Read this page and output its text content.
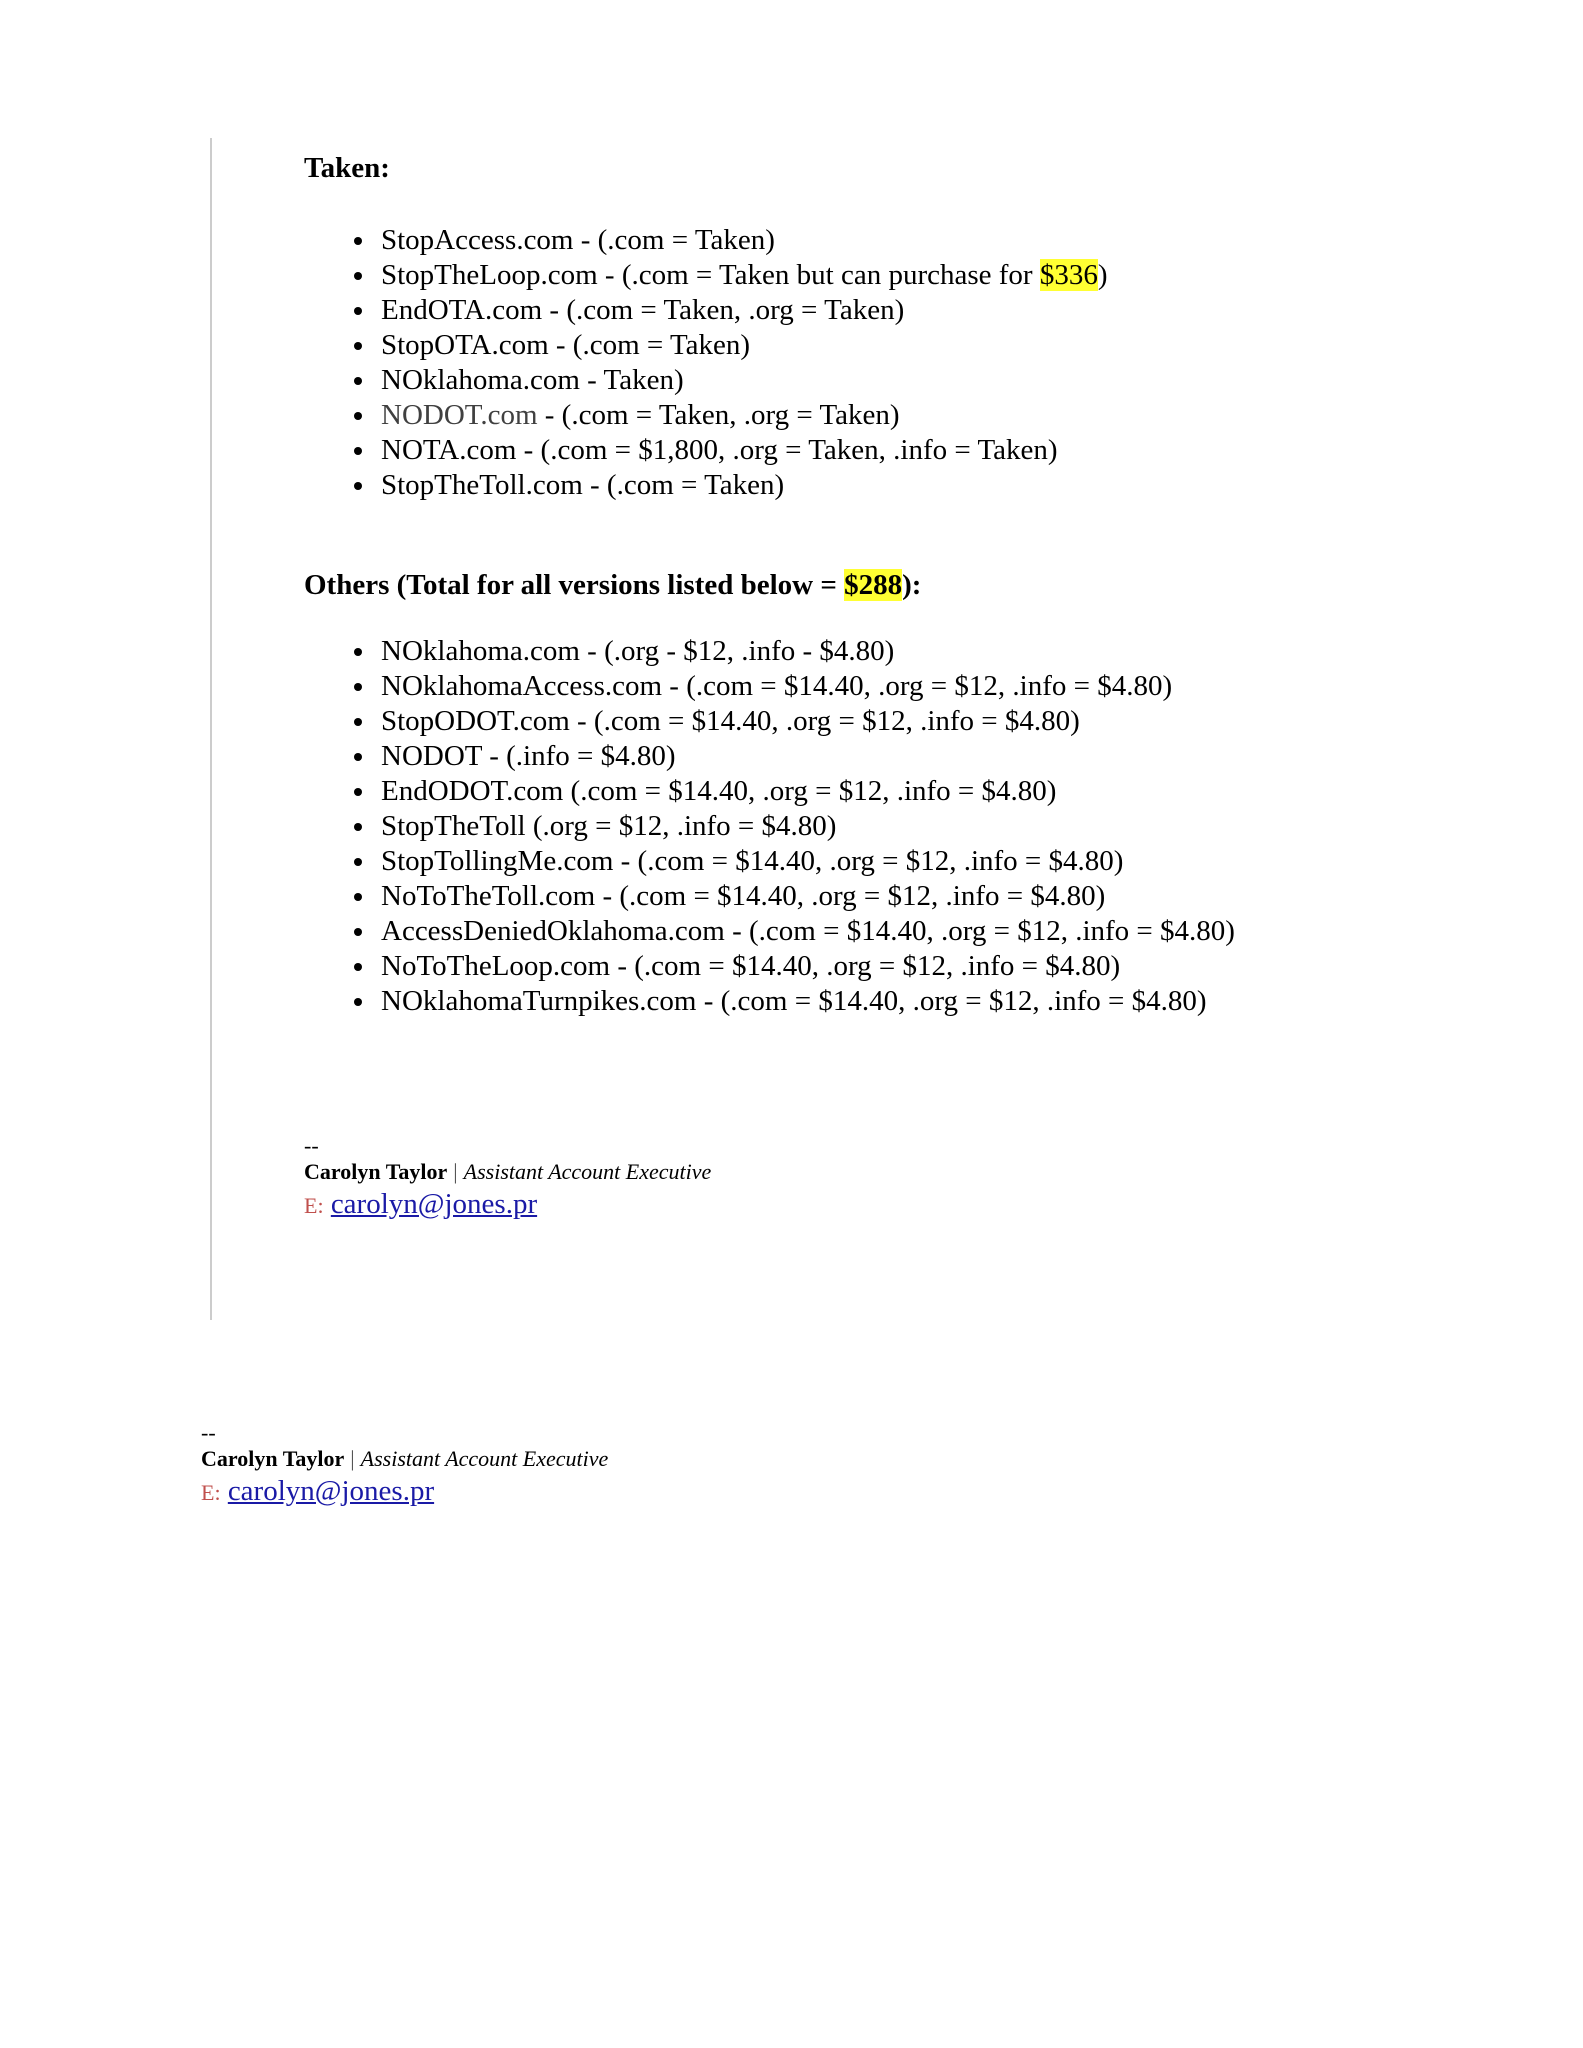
Taken:

StopAccess.com - (.com = Taken)
StopTheLoop.com - (.com = Taken but can purchase for $336)
EndOTA.com - (.com = Taken, .org = Taken)
StopOTA.com - (.com = Taken)
NOklahoma.com - Taken)
NODOT.com - (.com = Taken, .org = Taken)
NOTA.com - (.com = $1,800, .org = Taken, .info = Taken)
StopTheToll.com - (.com = Taken)

Others (Total for all versions listed below = $288):

NOklahoma.com - (.org - $12, .info - $4.80)
NOklahomaAccess.com - (.com = $14.40, .org = $12, .info = $4.80)
StopODOT.com - (.com = $14.40, .org = $12, .info = $4.80)
NODOT - (.info = $4.80)
EndODOT.com (.com = $14.40, .org = $12, .info = $4.80)
StopTheToll (.org = $12, .info = $4.80)
StopTollingMe.com - (.com = $14.40, .org = $12, .info = $4.80)
NoToTheToll.com - (.com = $14.40, .org = $12, .info = $4.80)
AccessDeniedOklahoma.com - (.com = $14.40, .org = $12, .info = $4.80)
NoToTheLoop.com - (.com = $14.40, .org = $12, .info = $4.80)
NOklahomaTurnpikes.com - (.com = $14.40, .org = $12, .info = $4.80)
--
Carolyn Taylor | Assistant Account Executive
E: carolyn@jones.pr
--
Carolyn Taylor | Assistant Account Executive
E: carolyn@jones.pr
